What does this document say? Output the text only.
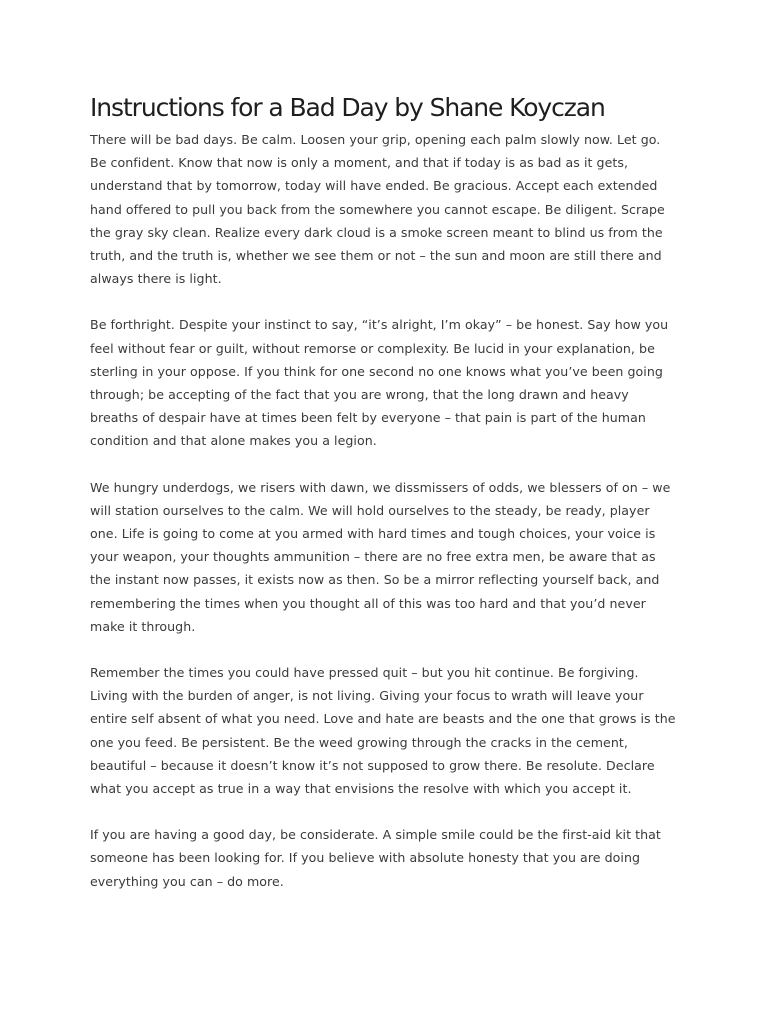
Instructions for a Bad Day by Shane Koyczan

There will be bad days. Be calm. Loosen your grip, opening each palm slowly now. Let go.
Be confident. Know that now is only a moment, and that if today is as bad as it gets,
understand that by tomorrow, today will have ended. Be gracious. Accept each extended
hand offered to pull you back from the somewhere you cannot escape. Be diligent. Scrape
the gray sky clean. Realize every dark cloud is a smoke screen meant to blind us from the
truth, and the truth is, whether we see them or not – the sun and moon are still there and
always there is light.

Be forthright. Despite your instinct to say, “it’s alright, I’m okay” – be honest. Say how you
feel without fear or guilt, without remorse or complexity. Be lucid in your explanation, be
sterling in your oppose. If you think for one second no one knows what you’ve been going
through; be accepting of the fact that you are wrong, that the long drawn and heavy
breaths of despair have at times been felt by everyone – that pain is part of the human
condition and that alone makes you a legion.

We hungry underdogs, we risers with dawn, we dissmissers of odds, we blessers of on – we
will station ourselves to the calm. We will hold ourselves to the steady, be ready, player
one. Life is going to come at you armed with hard times and tough choices, your voice is
your weapon, your thoughts ammunition – there are no free extra men, be aware that as
the instant now passes, it exists now as then. So be a mirror reflecting yourself back, and
remembering the times when you thought all of this was too hard and that you’d never
make it through.

Remember the times you could have pressed quit – but you hit continue. Be forgiving.
Living with the burden of anger, is not living. Giving your focus to wrath will leave your
entire self absent of what you need. Love and hate are beasts and the one that grows is the
one you feed. Be persistent. Be the weed growing through the cracks in the cement,
beautiful – because it doesn’t know it’s not supposed to grow there. Be resolute. Declare
what you accept as true in a way that envisions the resolve with which you accept it.

If you are having a good day, be considerate. A simple smile could be the first-aid kit that
someone has been looking for. If you believe with absolute honesty that you are doing
everything you can – do more.
